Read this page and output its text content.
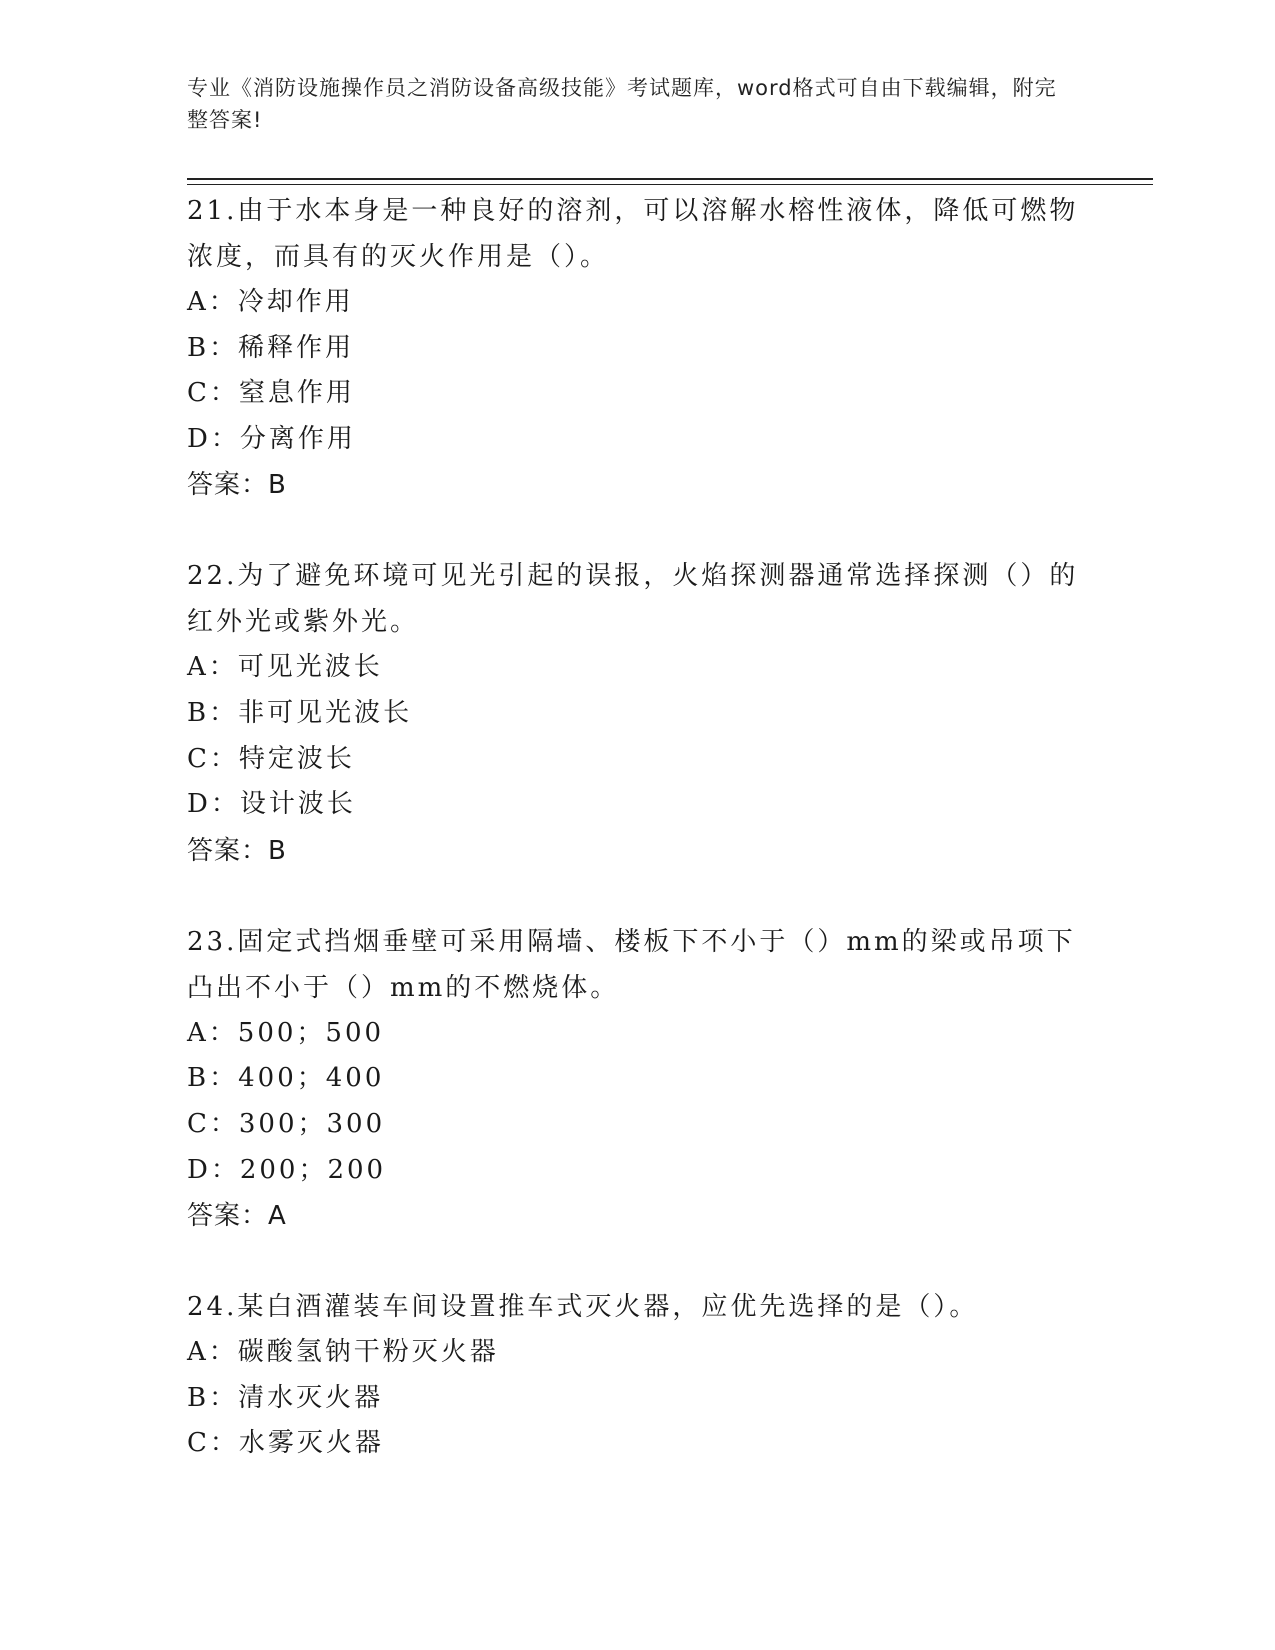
专业《消防设施操作员之消防设备高级技能》考试题库，word格式可自由下载编辑，附完整答案!

21.由于水本身是一种良好的溶剂，可以溶解水榕性液体，降低可燃物浓度，而具有的灭火作用是（）。

A：冷却作用

B：稀释作用

C：窒息作用

D：分离作用

答案：B

22.为了避免环境可见光引起的误报，火焰探测器通常选择探测（）的红外光或紫外光。

A：可见光波长

B：非可见光波长

C：特定波长

D：设计波长

答案：B

23.固定式挡烟垂壁可采用隔墙、楼板下不小于（）mm的梁或吊项下凸出不小于（）mm的不燃烧体。

A：500；500

B：400；400

C：300；300

D：200；200

答案：A

24.某白酒灌装车间设置推车式灭火器，应优先选择的是（）。

A：碳酸氢钠干粉灭火器

B：清水灭火器

C：水雾灭火器
